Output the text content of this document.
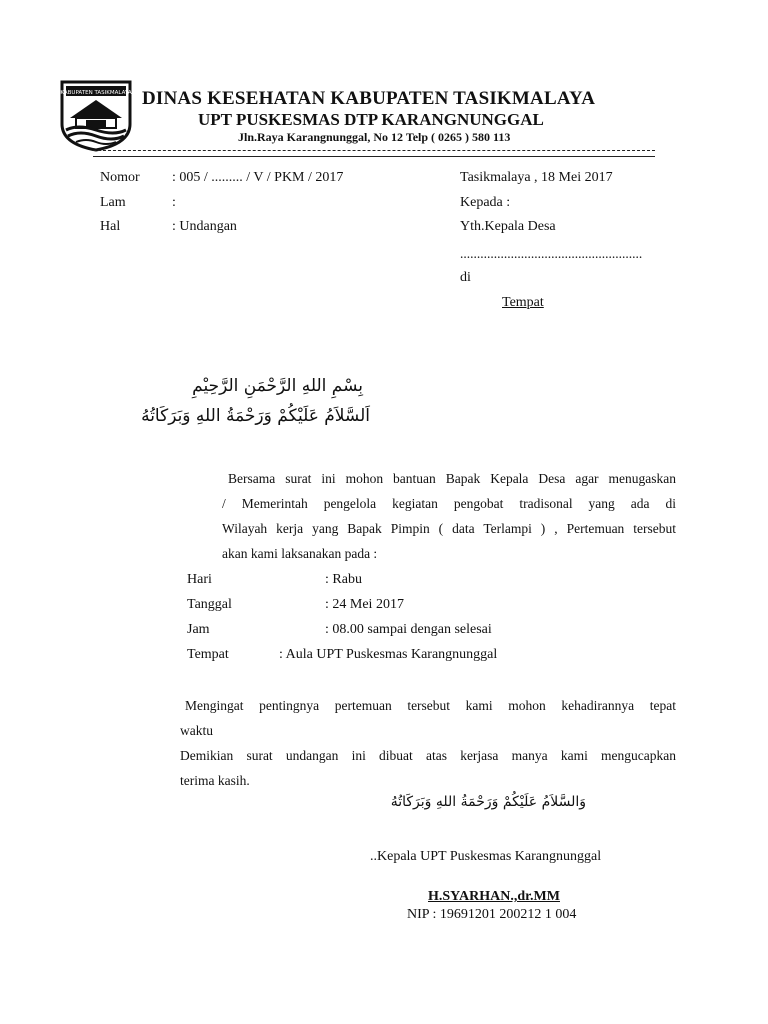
KABUPATEN TASIKMALAYA DINAS KESEHATAN KABUPATEN TASIKMALAYA
UPT PUSKESMAS DTP KARANGNUNGGAL
Jln.Raya Karangnunggal, No 12 Telp ( 0265 ) 580 113
Nomor : 005 / ......... / V / PKM / 2017
Lam	:
Hal	: Undangan
Tasikmalaya , 18 Mei 2017
Kepada :
Yth.Kepala Desa
......................................................
di
Tempat
بِسْمِ اللهِ الرَّحْمَنِ الرَّحِيْمِ
اَلسَّلاَمُ عَلَيْكُمْ وَرَحْمَةُ اللهِ وَبَرَكَاتُهُ
Bersama surat ini mohon bantuan Bapak Kepala Desa agar menugaskan
/ Memerintah pengelola kegiatan pengobat tradisonal yang ada di
Wilayah kerja yang Bapak Pimpin ( data Terlampi ) , Pertemuan tersebut
akan kami laksanakan pada :
Hari	: Rabu
Tanggal	: 24 Mei 2017
Jam	: 08.00 sampai dengan selesai
Tempat	: Aula UPT Puskesmas Karangnunggal
Mengingat pentingnya pertemuan tersebut kami mohon kehadirannya tepat
waktu
Demikian surat undangan ini dibuat atas kerjasa manya kami mengucapkan
terima kasih.
وَالسَّلاَمُ عَلَيْكُمْ وَرَحْمَةُ اللهِ وَبَرَكَاتُهُ
..Kepala UPT Puskesmas Karangnunggal
H.SYARHAN.,dr.MM
NIP : 19691201 200212 1 004
